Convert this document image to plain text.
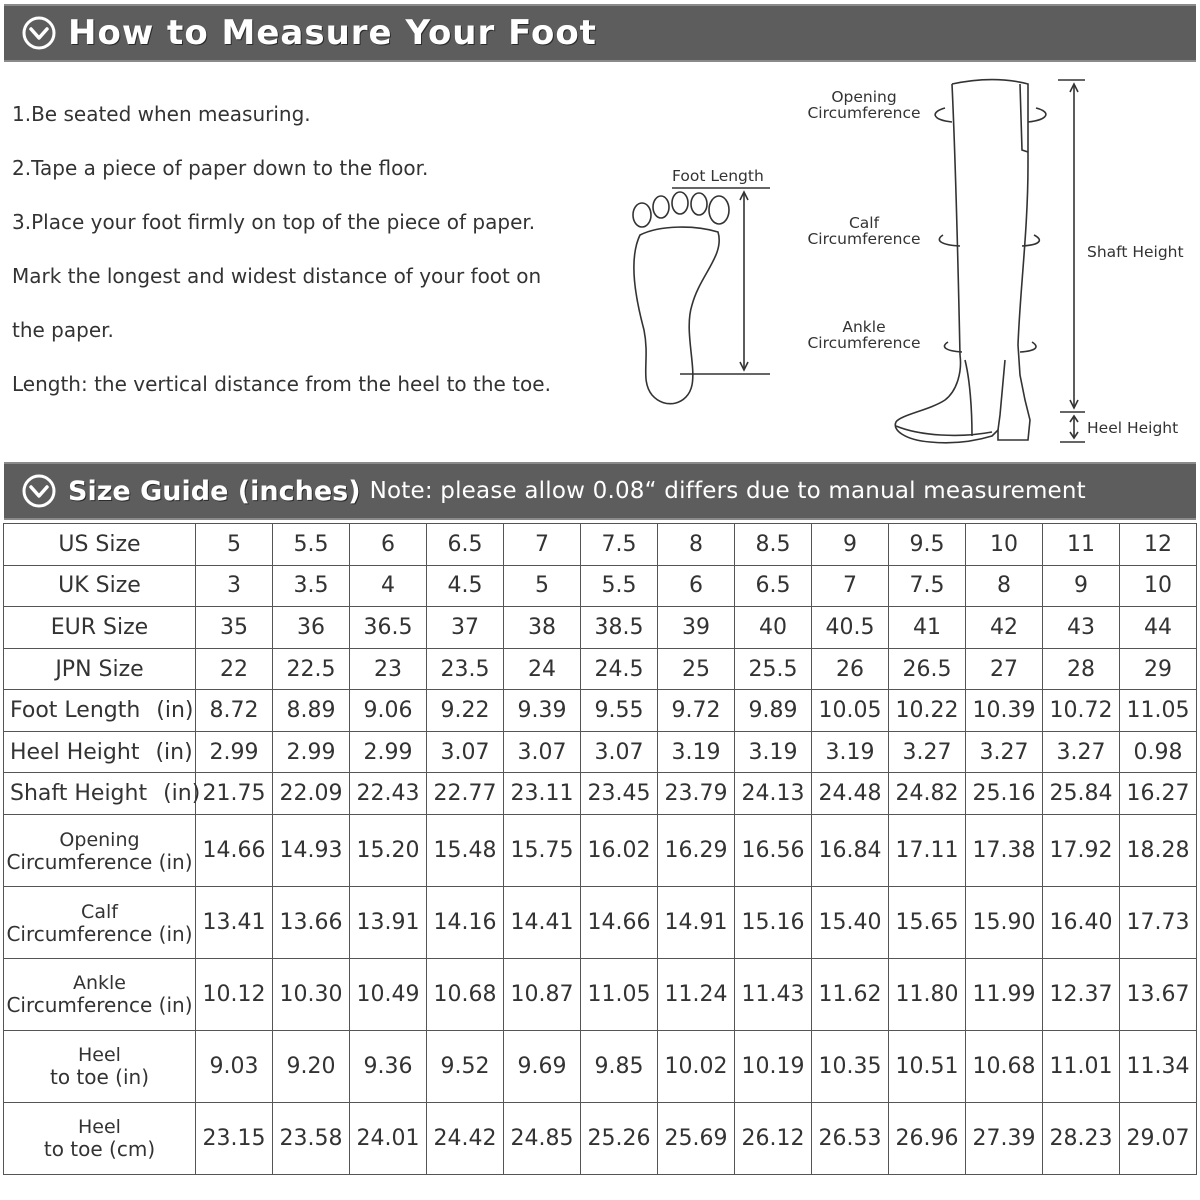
How to Measure Your Foot
1.Be seated when measuring.
2.Tape a piece of paper down to the floor.
3.Place your foot firmly on top of the piece of paper.
Mark the longest and widest distance of your foot on
the paper.
Length: the vertical distance from the heel to the toe.
Foot Length
Opening
Circumference
Calf
Circumference
Ankle
Circumference
Shaft Height
Heel Height
Size Guide (inches) Note: please allow 0.08“ differs due to manual measurement
US Size	5	5.5	6	6.5	7	7.5	8	8.5	9	9.5	10	11	12
UK Size	3	3.5	4	4.5	5	5.5	6	6.5	7	7.5	8	9	10
EUR Size	35	36	36.5	37	38	38.5	39	40	40.5	41	42	43	44
JPN Size	22	22.5	23	23.5	24	24.5	25	25.5	26	26.5	27	28	29
Foot Length (in)	8.72	8.89	9.06	9.22	9.39	9.55	9.72	9.89	10.05	10.22	10.39	10.72	11.05
Heel Height (in)	2.99	2.99	2.99	3.07	3.07	3.07	3.19	3.19	3.19	3.27	3.27	3.27	0.98
Shaft Height (in)	21.75	22.09	22.43	22.77	23.11	23.45	23.79	24.13	24.48	24.82	25.16	25.84	16.27

Opening
Circumference (in)	14.66	14.93	15.20	15.48	15.75	16.02	16.29	16.56	16.84	17.11	17.38	17.92	18.28

Calf
Circumference (in)	13.41	13.66	13.91	14.16	14.41	14.66	14.91	15.16	15.40	15.65	15.90	16.40	17.73

Ankle
Circumference (in)	10.12	10.30	10.49	10.68	10.87	11.05	11.24	11.43	11.62	11.80	11.99	12.37	13.67

Heel
to toe (in)	9.03	9.20	9.36	9.52	9.69	9.85	10.02	10.19	10.35	10.51	10.68	11.01	11.34

Heel
to toe (cm)	23.15	23.58	24.01	24.42	24.85	25.26	25.69	26.12	26.53	26.96	27.39	28.23	29.07
